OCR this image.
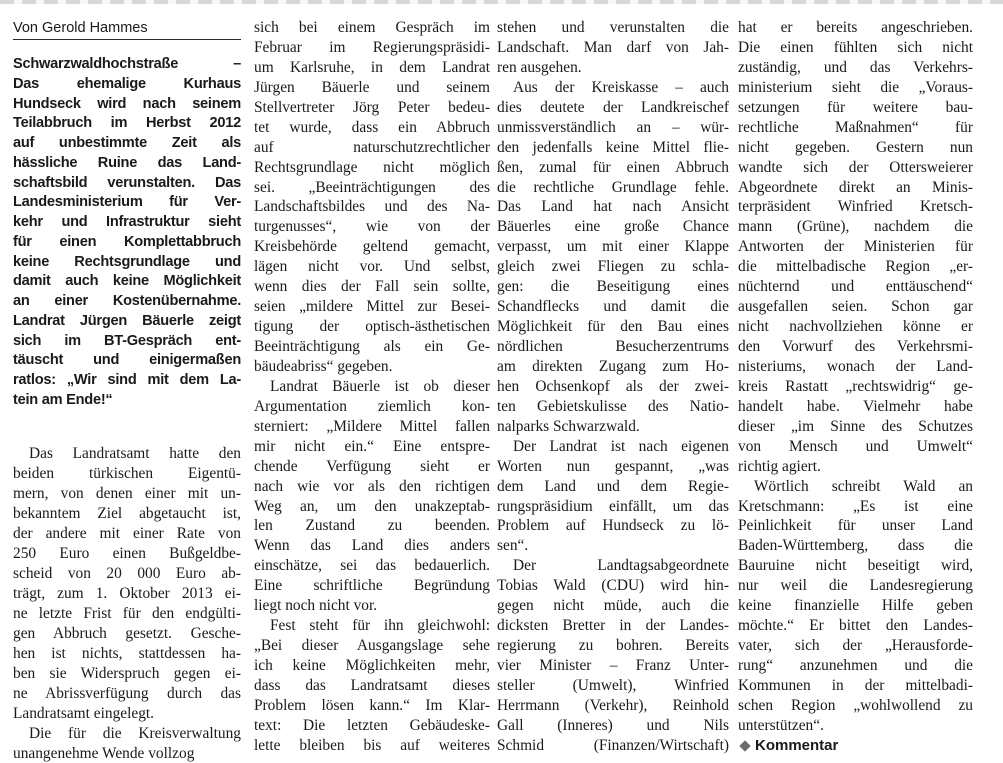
Von Gerold Hammes
Schwarzwaldhochstraße –
Das ehemalige Kurhaus
Hundseck wird nach seinem
Teilabbruch im Herbst 2012
auf unbestimmte Zeit als
hässliche Ruine das Land-
schaftsbild verunstalten. Das
Landesministerium für Ver-
kehr und Infrastruktur sieht
für einen Komplettabbruch
keine Rechtsgrundlage und
damit auch keine Möglichkeit
an einer Kostenübernahme.
Landrat Jürgen Bäuerle zeigt
sich im BT-Gespräch ent-
täuscht und einigermaßen
ratlos: „Wir sind mit dem La-
tein am Ende!“
Das Landratsamt hatte den
beiden türkischen Eigentü-
mern, von denen einer mit un-
bekanntem Ziel abgetaucht ist,
der andere mit einer Rate von
250 Euro einen Bußgeldbe-
scheid von 20 000 Euro ab-
trägt, zum 1. Oktober 2013 ei-
ne letzte Frist für den endgülti-
gen Abbruch gesetzt. Gesche-
hen ist nichts, stattdessen ha-
ben sie Widerspruch gegen ei-
ne Abrissverfügung durch das
Landratsamt eingelegt.
Die für die Kreisverwaltung
unangenehme Wende vollzog
sich bei einem Gespräch im
Februar im Regierungspräsidi-
um Karlsruhe, in dem Landrat
Jürgen Bäuerle und seinem
Stellvertreter Jörg Peter bedeu-
tet wurde, dass ein Abbruch
auf naturschutzrechtlicher
Rechtsgrundlage nicht möglich
sei. „Beeinträchtigungen des
Landschaftsbildes und des Na-
turgenusses“, wie von der
Kreisbehörde geltend gemacht,
lägen nicht vor. Und selbst,
wenn dies der Fall sein sollte,
seien „mildere Mittel zur Besei-
tigung der optisch-ästhetischen
Beeinträchtigung als ein Ge-
bäudeabriss“ gegeben.
Landrat Bäuerle ist ob dieser
Argumentation ziemlich kon-
sterniert: „Mildere Mittel fallen
mir nicht ein.“ Eine entspre-
chende Verfügung sieht er
nach wie vor als den richtigen
Weg an, um den unakzeptab-
len Zustand zu beenden.
Wenn das Land dies anders
einschätze, sei das bedauerlich.
Eine schriftliche Begründung
liegt noch nicht vor.
Fest steht für ihn gleichwohl:
„Bei dieser Ausgangslage sehe
ich keine Möglichkeiten mehr,
dass das Landratsamt dieses
Problem lösen kann.“ Im Klar-
text: Die letzten Gebäudeske-
lette bleiben bis auf weiteres
stehen und verunstalten die
Landschaft. Man darf von Jah-
ren ausgehen.
Aus der Kreiskasse – auch
dies deutete der Landkreischef
unmissverständlich an – wür-
den jedenfalls keine Mittel flie-
ßen, zumal für einen Abbruch
die rechtliche Grundlage fehle.
Das Land hat nach Ansicht
Bäuerles eine große Chance
verpasst, um mit einer Klappe
gleich zwei Fliegen zu schla-
gen: die Beseitigung eines
Schandflecks und damit die
Möglichkeit für den Bau eines
nördlichen Besucherzentrums
am direkten Zugang zum Ho-
hen Ochsenkopf als der zwei-
ten Gebietskulisse des Natio-
nalparks Schwarzwald.
Der Landrat ist nach eigenen
Worten nun gespannt, „was
dem Land und dem Regie-
rungspräsidium einfällt, um das
Problem auf Hundseck zu lö-
sen“.
Der Landtagsabgeordnete
Tobias Wald (CDU) wird hin-
gegen nicht müde, auch die
dicksten Bretter in der Landes-
regierung zu bohren. Bereits
vier Minister – Franz Unter-
steller (Umwelt), Winfried
Herrmann (Verkehr), Reinhold
Gall (Inneres) und Nils
Schmid (Finanzen/Wirtschaft)
hat er bereits angeschrieben.
Die einen fühlten sich nicht
zuständig, und das Verkehrs-
ministerium sieht die „Voraus-
setzungen für weitere bau-
rechtliche Maßnahmen“ für
nicht gegeben. Gestern nun
wandte sich der Ottersweierer
Abgeordnete direkt an Minis-
terpräsident Winfried Kretsch-
mann (Grüne), nachdem die
Antworten der Ministerien für
die mittelbadische Region „er-
nüchternd und enttäuschend“
ausgefallen seien. Schon gar
nicht nachvollziehen könne er
den Vorwurf des Verkehrsmi-
nisteriums, wonach der Land-
kreis Rastatt „rechtswidrig“ ge-
handelt habe. Vielmehr habe
dieser „im Sinne des Schutzes
von Mensch und Umwelt“
richtig agiert.
Wörtlich schreibt Wald an
Kretschmann: „Es ist eine
Peinlichkeit für unser Land
Baden-Württemberg, dass die
Bauruine nicht beseitigt wird,
nur weil die Landesregierung
keine finanzielle Hilfe geben
möchte.“ Er bittet den Landes-
vater, sich der „Herausforde-
rung“ anzunehmen und die
Kommunen in der mittelbadi-
schen Region „wohlwollend zu
unterstützen“.
Kommentar
